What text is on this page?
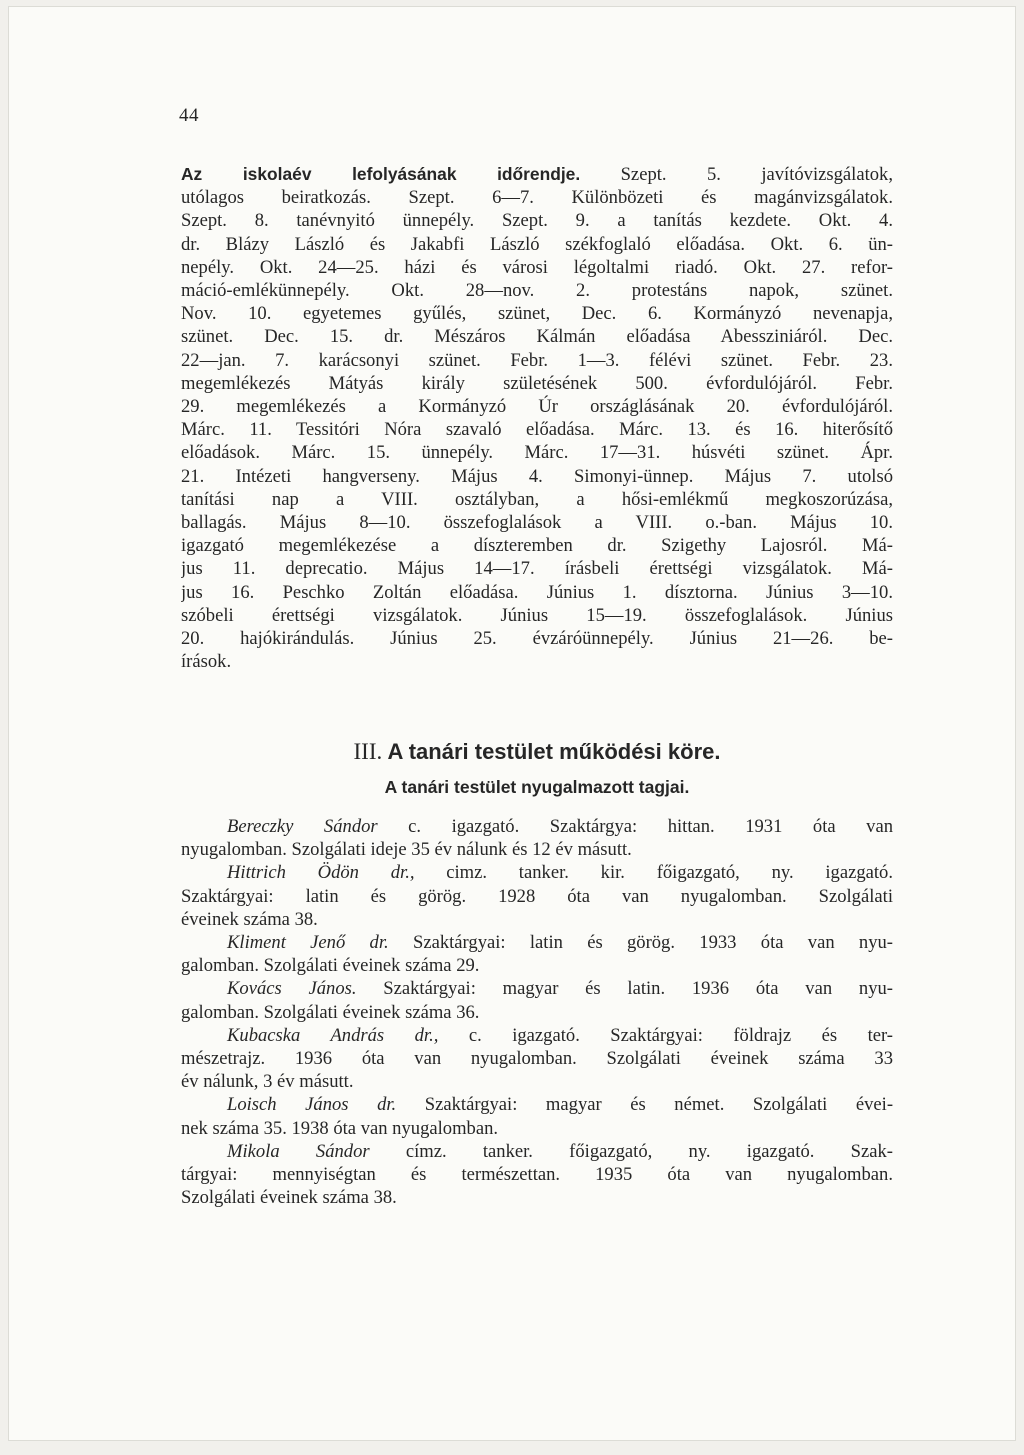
44
Az iskolaév lefolyásának időrendje. Szept. 5. javítóvizsgálatok,
utólagos beiratkozás. Szept. 6—7. Különbözeti és magánvizsgálatok.
Szept. 8. tanévnyitó ünnepély. Szept. 9. a tanítás kezdete. Okt. 4.
dr. Blázy László és Jakabfi László székfoglaló előadása. Okt. 6. ün-
nepély. Okt. 24—25. házi és városi légoltalmi riadó. Okt. 27. refor-
máció-emlékünnepély. Okt. 28—nov. 2. protestáns napok, szünet.
Nov. 10. egyetemes gyűlés, szünet, Dec. 6. Kormányzó nevenapja,
szünet. Dec. 15. dr. Mészáros Kálmán előadása Abessziniáról. Dec.
22—jan. 7. karácsonyi szünet. Febr. 1—3. félévi szünet. Febr. 23.
megemlékezés Mátyás király születésének 500. évfordulójáról. Febr.
29. megemlékezés a Kormányzó Úr országlásának 20. évfordulójáról.
Márc. 11. Tessitóri Nóra szavaló előadása. Márc. 13. és 16. hiterősítő
előadások. Márc. 15. ünnepély. Márc. 17—31. húsvéti szünet. Ápr.
21. Intézeti hangverseny. Május 4. Simonyi-ünnep. Május 7. utolsó
tanítási nap a VIII. osztályban, a hősi-emlékmű megkoszorúzása,
ballagás. Május 8—10. összefoglalások a VIII. o.-ban. Május 10.
igazgató megemlékezése a díszteremben dr. Szigethy Lajosról. Má-
jus 11. deprecatio. Május 14—17. írásbeli érettségi vizsgálatok. Má-
jus 16. Peschko Zoltán előadása. Június 1. dísztorna. Június 3—10.
szóbeli érettségi vizsgálatok. Június 15—19. összefoglalások. Június
20. hajókirándulás. Június 25. évzáróünnepély. Június 21—26. be-
írások.
III. A tanári testület működési köre.
A tanári testület nyugalmazott tagjai.
Bereczky Sándor c. igazgató. Szaktárgya: hittan. 1931 óta van
nyugalomban. Szolgálati ideje 35 év nálunk és 12 év másutt.
Hittrich Ödön dr., cimz. tanker. kir. főigazgató, ny. igazgató.
Szaktárgyai: latin és görög. 1928 óta van nyugalomban. Szolgálati
éveinek száma 38.
Kliment Jenő dr. Szaktárgyai: latin és görög. 1933 óta van nyu-
galomban. Szolgálati éveinek száma 29.
Kovács János. Szaktárgyai: magyar és latin. 1936 óta van nyu-
galomban. Szolgálati éveinek száma 36.
Kubacska András dr., c. igazgató. Szaktárgyai: földrajz és ter-
mészetrajz. 1936 óta van nyugalomban. Szolgálati éveinek száma 33
év nálunk, 3 év másutt.
Loisch János dr. Szaktárgyai: magyar és német. Szolgálati évei-
nek száma 35. 1938 óta van nyugalomban.
Mikola Sándor címz. tanker. főigazgató, ny. igazgató. Szak-
tárgyai: mennyiségtan és természettan. 1935 óta van nyugalomban.
Szolgálati éveinek száma 38.
